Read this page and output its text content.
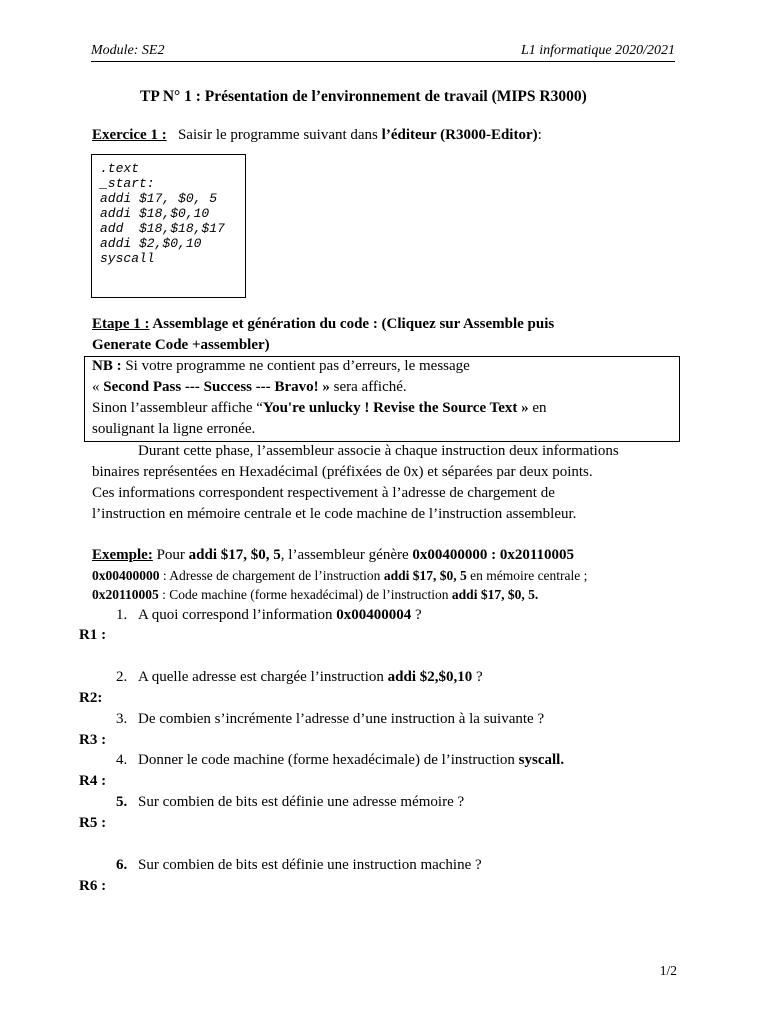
Module: SE2	L1 informatique 2020/2021
TP N° 1 : Présentation de l’environnement de travail (MIPS R3000)
Exercice 1 : Saisir le programme suivant dans l’éditeur (R3000-Editor):
.text
_start:
addi $17, $0, 5
addi $18,$0,10
add  $18,$18,$17
addi $2,$0,10
syscall
Etape 1 : Assemblage et génération du code : (Cliquez sur Assemble puis
Generate Code +assembler)
NB : Si votre programme ne contient pas d’erreurs, le message
« Second Pass --- Success --- Bravo! » sera affiché.
Sinon l’assembleur affiche “You're unlucky ! Revise the Source Text » en
soulignant la ligne erronée.
Durant cette phase, l’assembleur associe à chaque instruction deux informations
binaires représentées en Hexadécimal (préfixées de 0x) et séparées par deux points.
Ces informations correspondent respectivement à l’adresse de chargement de
l’instruction en mémoire centrale et le code machine de l’instruction assembleur.
Exemple: Pour addi $17, $0, 5, l’assembleur génère 0x00400000 : 0x20110005
0x00400000 : Adresse de chargement de l’instruction addi $17, $0, 5 en mémoire centrale ;
0x20110005 : Code machine (forme hexadécimal) de l’instruction addi $17, $0, 5.
1. A quoi correspond l’information 0x00400004 ?
R1 :
2. A quelle adresse est chargée l’instruction addi $2,$0,10 ?
R2:
3. De combien s’incrémente l’adresse d’une instruction à la suivante ?
R3 :
4. Donner le code machine (forme hexadécimale) de l’instruction syscall.
R4 :
5. Sur combien de bits est définie une adresse mémoire ?
R5 :
6. Sur combien de bits est définie une instruction machine ?
R6 :
1/2
